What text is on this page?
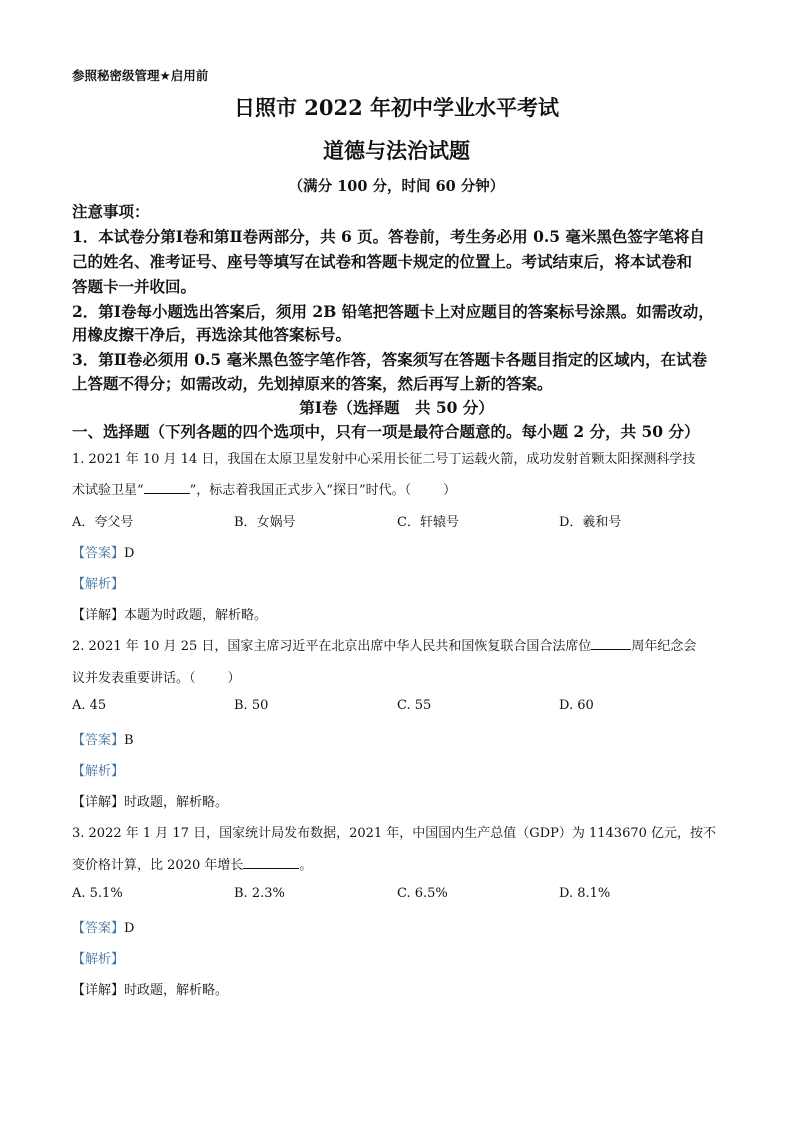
参照秘密级管理★启用前
日照市 2022 年初中学业水平考试
道德与法治试题
（满分 100 分，时间 60 分钟）
注意事项：
1．本试卷分第Ⅰ卷和第Ⅱ卷两部分，共 6 页。答卷前，考生务必用 0.5 毫米黑色签字笔将自
己的姓名、准考证号、座号等填写在试卷和答题卡规定的位置上。考试结束后，将本试卷和
答题卡一并收回。
2．第Ⅰ卷每小题选出答案后，须用 2B 铅笔把答题卡上对应题目的答案标号涂黑。如需改动，
用橡皮擦干净后，再选涂其他答案标号。
3．第Ⅱ卷必须用 0.5 毫米黑色签字笔作答，答案须写在答题卡各题目指定的区域内，在试卷
上答题不得分；如需改动，先划掉原来的答案，然后再写上新的答案。
第Ⅰ卷（选择题　共 50 分）
一、选择题（下列各题的四个选项中，只有一项是最符合题意的。每小题 2 分，共 50 分）
1. 2021 年 10 月 14 日，我国在太原卫星发射中心采用长征二号丁运载火箭，成功发射首颗太阳探测科学技
术试验卫星“	”，标志着我国正式步入“探日”时代。（ ）
A．夸父号	B．女娲号	C．轩辕号	D．羲和号
【答案】D
【解析】
【详解】本题为时政题，解析略。
2. 2021 年 10 月 25 日，国家主席习近平在北京出席中华人民共和国恢复联合国合法席位	周年纪念会
议并发表重要讲话。（ ）
A. 45	B. 50	C. 55	D. 60
【答案】B
【解析】
【详解】时政题，解析略。
3. 2022 年 1 月 17 日，国家统计局发布数据，2021 年，中国国内生产总值（GDP）为 1143670 亿元，按不
变价格计算，比 2020 年增长	。
A. 5.1%	B. 2.3%	C. 6.5%	D. 8.1%
【答案】D
【解析】
【详解】时政题，解析略。
